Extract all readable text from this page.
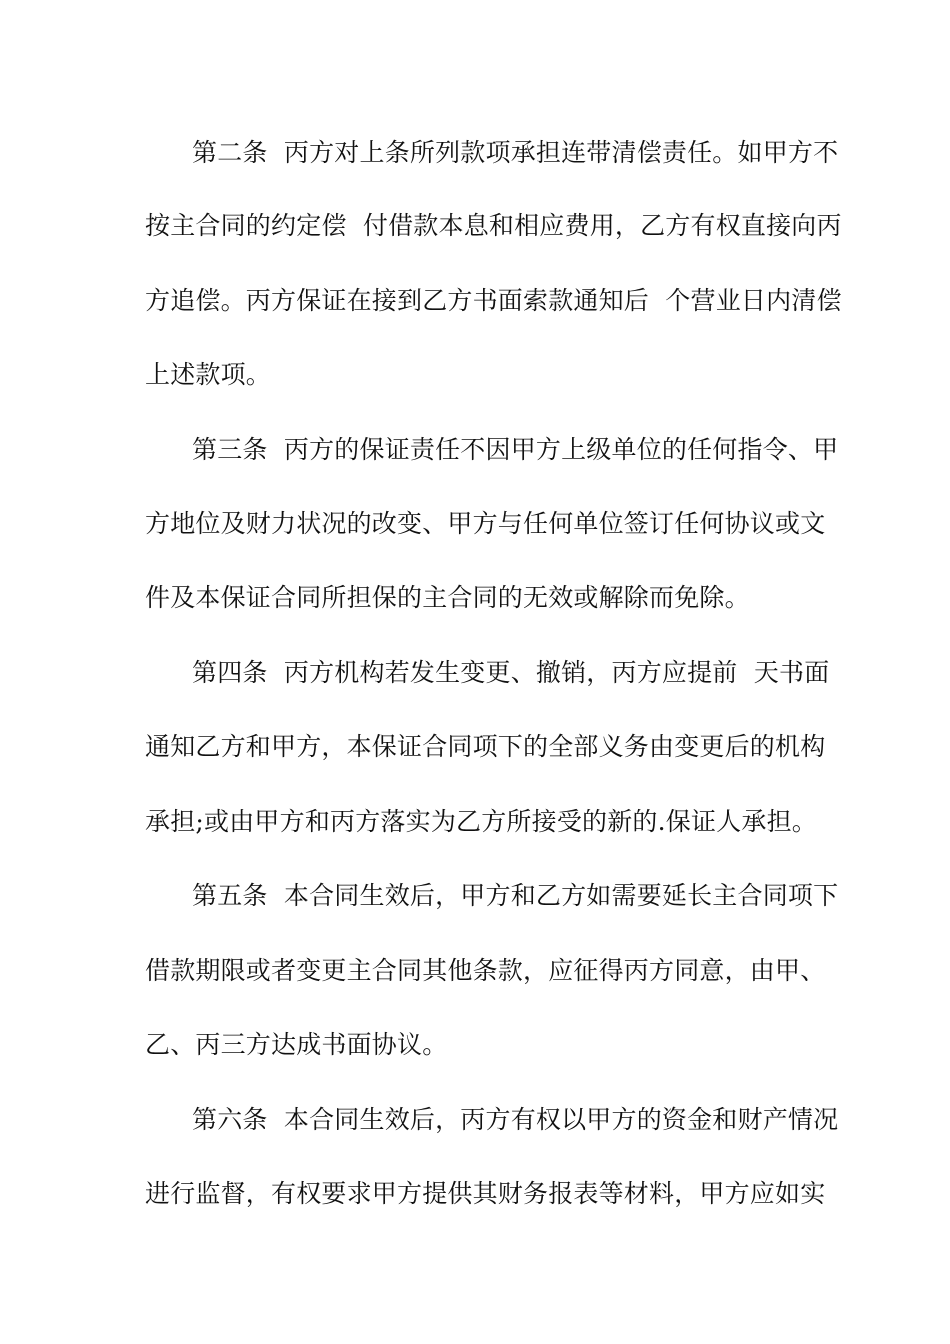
第二条  丙方对上条所列款项承担连带清偿责任。如甲方不
按主合同的约定偿  付借款本息和相应费用，乙方有权直接向丙
方追偿。丙方保证在接到乙方书面索款通知后  个营业日内清偿
上述款项。
第三条  丙方的保证责任不因甲方上级单位的任何指令、甲
方地位及财力状况的改变、甲方与任何单位签订任何协议或文
件及本保证合同所担保的主合同的无效或解除而免除。
第四条  丙方机构若发生变更、撤销，丙方应提前  天书面
通知乙方和甲方，本保证合同项下的全部义务由变更后的机构
承担;或由甲方和丙方落实为乙方所接受的新的.保证人承担。
第五条  本合同生效后，甲方和乙方如需要延长主合同项下
借款期限或者变更主合同其他条款，应征得丙方同意，由甲、
乙、丙三方达成书面协议。
第六条  本合同生效后，丙方有权以甲方的资金和财产情况
进行监督，有权要求甲方提供其财务报表等材料，甲方应如实
